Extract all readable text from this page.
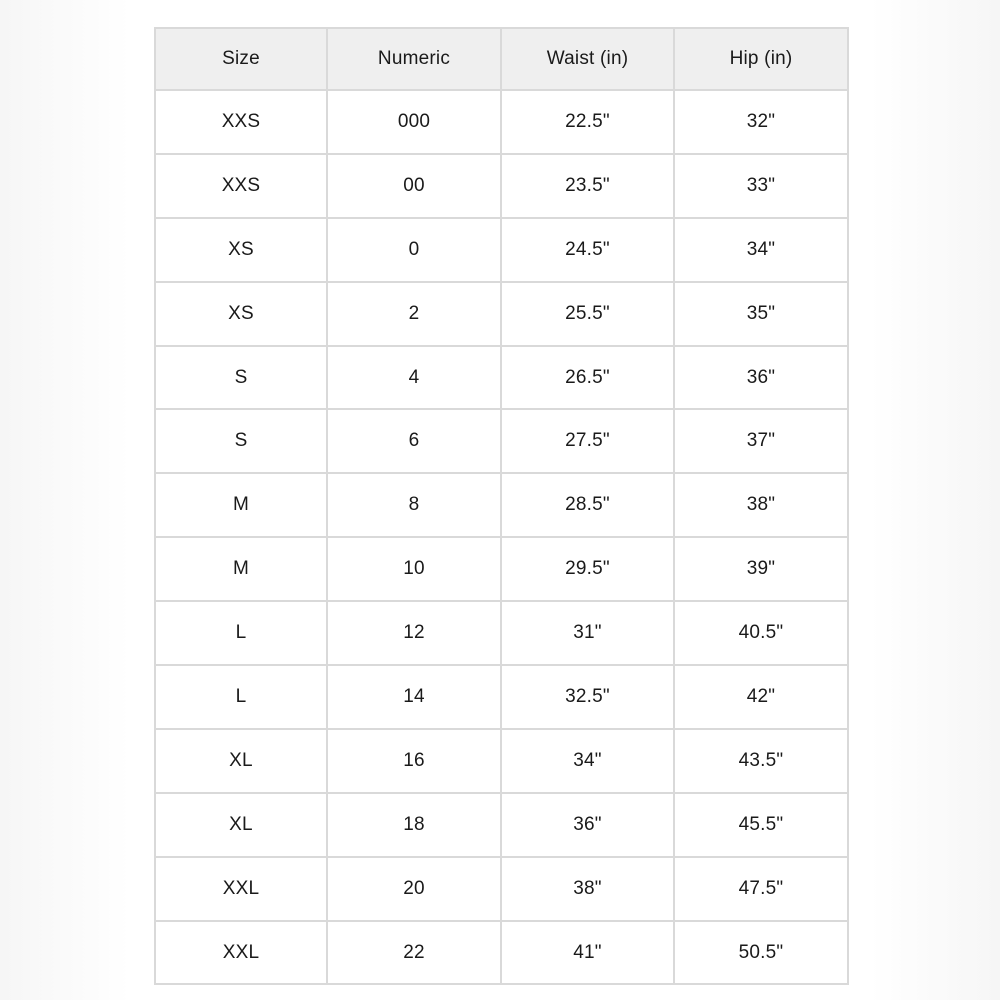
Size	Numeric	Waist (in)	Hip (in)
XXS	000	22.5"	32"
XXS	00	23.5"	33"
XS	0	24.5"	34"
XS	2	25.5"	35"
S	4	26.5"	36"
S	6	27.5"	37"
M	8	28.5"	38"
M	10	29.5"	39"
L	12	31"	40.5"
L	14	32.5"	42"
XL	16	34"	43.5"
XL	18	36"	45.5"
XXL	20	38"	47.5"
XXL	22	41"	50.5"
